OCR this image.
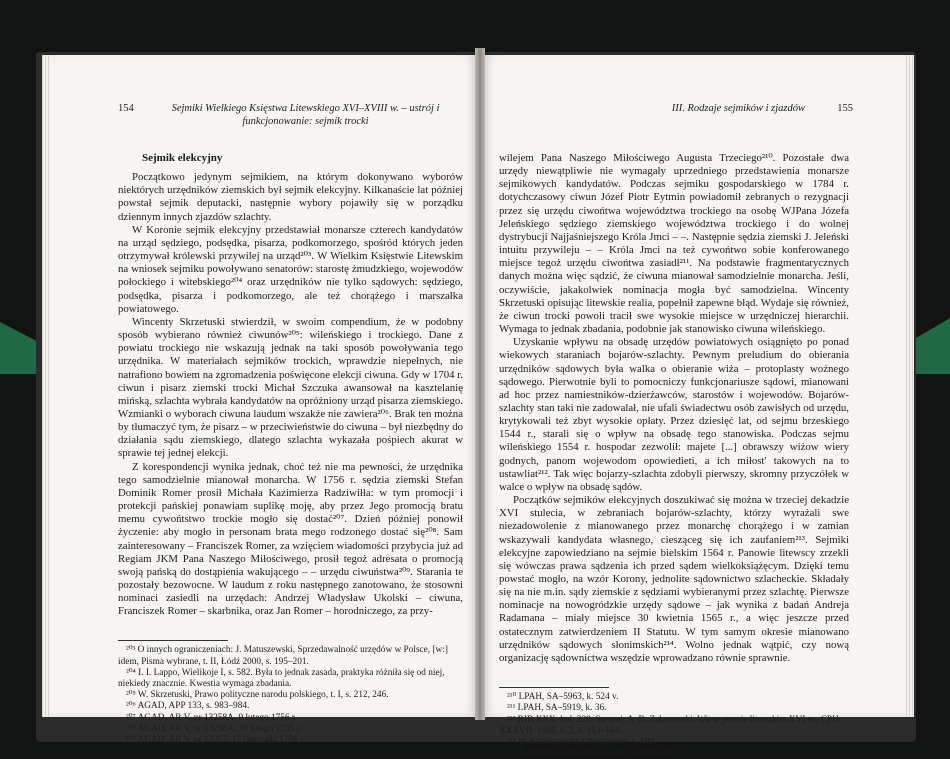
154	Sejmiki Wielkiego Księstwa Litewskiego XVI–XVIII w. – ustrój i funkcjonowanie: sejmik trocki
Sejmik elekcyjny

Początkowo jedynym sejmikiem, na którym dokonywano wyborów niektórych urzędników ziemskich był sejmik elekcyjny. Kilkanaście lat później powstał sejmik deputacki, następnie wybory pojawiły się w porządku dziennym innych zjazdów szlachty.

W Koronie sejmik elekcyjny przedstawiał monarsze czterech kandydatów na urząd sędziego, podsędka, pisarza, podkomorzego, spośród których jeden otrzymywał królewski przywilej na urząd²⁰³. W Wielkim Księstwie Litewskim na wniosek sejmiku powoływano senatorów: starostę żmudzkiego, wojewodów połockiego i witebskiego²⁰⁴ oraz urzędników nie tylko sądowych: sędziego, podsędka, pisarza i podkomorzego, ale też chorążego i marszałka powiatowego.

Wincenty Skrzetuski stwierdził, w swoim compendium, że w podobny sposób wybierano również ciwunów²⁰⁵: wileńskiego i trockiego. Dane z powiatu trockiego nie wskazują jednak na taki sposób powoływania tego urzędnika. W materiałach sejmików trockich, wprawdzie niepełnych, nie natrafiono bowiem na zgromadzenia poświęcone elekcji ciwuna. Gdy w 1704 r. ciwun i pisarz ziemski trocki Michał Szczuka awansował na kasztelanię mińską, szlachta wybrała kandydatów na opróżniony urząd pisarza ziemskiego. Wzmianki o wyborach ciwuna laudum wszakże nie zawiera²⁰⁶. Brak ten można by tłumaczyć tym, że pisarz – w przeciwieństwie do ciwuna – był niezbędny do działania sądu ziemskiego, dlatego szlachta wykazała pośpiech akurat w sprawie tej jednej elekcji.

Z korespondencji wynika jednak, choć też nie ma pewności, że urzędnika tego samodzielnie mianował monarcha. W 1756 r. sędzia ziemski Stefan Dominik Romer prosił Michała Kazimierza Radziwiłła: w tym promocji i protekcji pańskiej ponawiam suplikę moję, aby przez Jego promocją bratu memu cywońtstwo trockie mogło się dostać²⁰⁷. Dzień później ponowił życzenie: aby mogło in personam brata mego rodzonego dostać się²⁰⁸. Sam zainteresowany – Franciszek Romer, za wzięciem wiadomości przybycia już ad Regiam JKM Pana Naszego Miłościwego, prosił tegoż adresata o promocją swoją pańską do dostąpienia wakującego – – urzędu ciwuństwa²⁰⁹. Starania te pozostały bezowocne. W laudum z roku następnego zanotowano, że stosowni nominaci zasiedli na urzędach: Andrzej Władysław Ukolski – ciwuna, Franciszek Romer – skarbnika, oraz Jan Romer – horodniczego, za przy-

²⁰³ O innych ograniczeniach: J. Matuszewski, Sprzedawalność urzędów w Polsce, [w:] idem, Pisma wybrane, t. II, Łódź 2000, s. 195–201.
²⁰⁴ I. I. Lappo, Wielikoje I, s. 582. Była to jednak zasada, praktyka różniła się od niej, niekiedy znacznie. Kwestia wymaga zbadania.
²⁰⁵ W. Skrzetuski, Prawo polityczne narodu polskiego, t. I, s. 212, 246.
²⁰⁶ AGAD, APP 133, s. 983–984.
²⁰⁷ AGAD, AR V, nr 13258A, 9 lutego 1756 r.
²⁰⁸ AGAD, AR V, nr 13258A, 10 lutego 1756 r.
²⁰⁹ AGAD, AR V, nr 13253, 15 listopada 1756 r.
155
III. Rodzaje sejmików i zjazdów

wilejem Pana Naszego Miłościwego Augusta Trzeciego²¹⁰. Pozostałe dwa urzędy niewątpliwie nie wymagały uprzedniego przedstawienia monarsze sejmikowych kandydatów. Podczas sejmiku gospodarskiego w 1784 r. dotychczasowy ciwun Józef Piotr Eytmin powiadomił zebranych o rezygnacji przez się urzędu ciwońtwa województwa trockiego na osobę WJPana Józefa Jeleńskiego sędziego ziemskiego województwa trockiego i do wolnej dystrybucji Najjaśniejszego Króla Jmci – –. Następnie sędzia ziemski J. Jeleński intuitu przywileju – – Króla Jmci na też cywońtwo sobie konferowanego miejsce tegoż urzędu ciwońtwa zasiadł²¹¹. Na podstawie fragmentarycznych danych można więc sądzić, że ciwuna mianował samodzielnie monarcha. Jeśli, oczywiście, jakakolwiek nominacja mogła być samodzielna. Wincenty Skrzetuski opisując litewskie realia, popełnił zapewne błąd. Wydaje się również, że ciwun trocki powoli tracił swe wysokie miejsce w urzędniczej hierarchii. Wymaga to jednak zbadania, podobnie jak stanowisko ciwuna wileńskiego.

Uzyskanie wpływu na obsadę urzędów powiatowych osiągnięto po ponad wiekowych staraniach bojarów-szlachty. Pewnym preludium do obierania urzędników sądowych była walka o obieranie wiża – protoplasty woźnego sądowego. Pierwotnie byli to pomocniczy funkcjonariusze sądowi, mianowani ad hoc przez namiestników-dzierżawców, starostów i wojewodów. Bojarów-szlachty stan taki nie zadowalał, nie ufali świadectwu osób zawisłych od urzędu, krytykowali też zbyt wysokie opłaty. Przez dziesięć lat, od sejmu brzeskiego 1544 r., starali się o wpływ na obsadę tego stanowiska. Podczas sejmu wileńskiego 1554 r. hospodar zezwolił: majete [...] obrawszy wiżow wiery godnych, panom wojewodom opowiedieti, a ich miłost' takowych na to ustawliat²¹². Tak więc bojarzy-szlachta zdobyli pierwszy, skromny przyczółek w walce o wpływ na obsadę sądów.

Początków sejmików elekcyjnych doszukiwać się można w trzeciej dekadzie XVI stulecia, w zebraniach bojarów-szlachty, którzy wyrażali swe niezadowolenie z mianowanego przez monarchę chorążego i w zamian wskazywali kandydata własnego, ciesząceg się ich zaufaniem²¹³. Sejmiki elekcyjne zapowiedziano na sejmie bielskim 1564 r. Panowie litewscy zrzekli się wówczas prawa sądzenia ich przed sądem wielkoksiążęcym. Dzięki temu powstać mogło, na wzór Korony, jednolite sądownictwo szlacheckie. Składały się na nie m.in. sądy ziemskie z sędziami wybieranymi przez szlachtę. Pierwsze nominacje na nowogródzkie urzędy sądowe – jak wynika z badań Andreja Radamana – miały miejsce 30 kwietnia 1565 r., a więc jeszcze przed ostatecznym zatwierdzeniem II Statutu. W tym samym okresie mianowano urzędników sądowych słonimskich²¹⁴. Wolno jednak wątpić, czy nową organizację sądownictwa wszędzie wprowadzano równie sprawnie.

²¹⁰ LPAH, SA–5963, k. 524 v.
²¹¹ LPAH, SA–5919, k. 36.
²¹² RIB XXX, kol. 229. Szerzej: A. B. Zakrzewski, Wit w prawie litewskim XVI w., CPH XXXVII: 1985, z. 2, s. 153–164.
²¹³ W. Kamieniecki, Chorążowie, s. 184.
²¹⁴ A. Radaman, Sejmiki i zjazdy szlacheckie.
